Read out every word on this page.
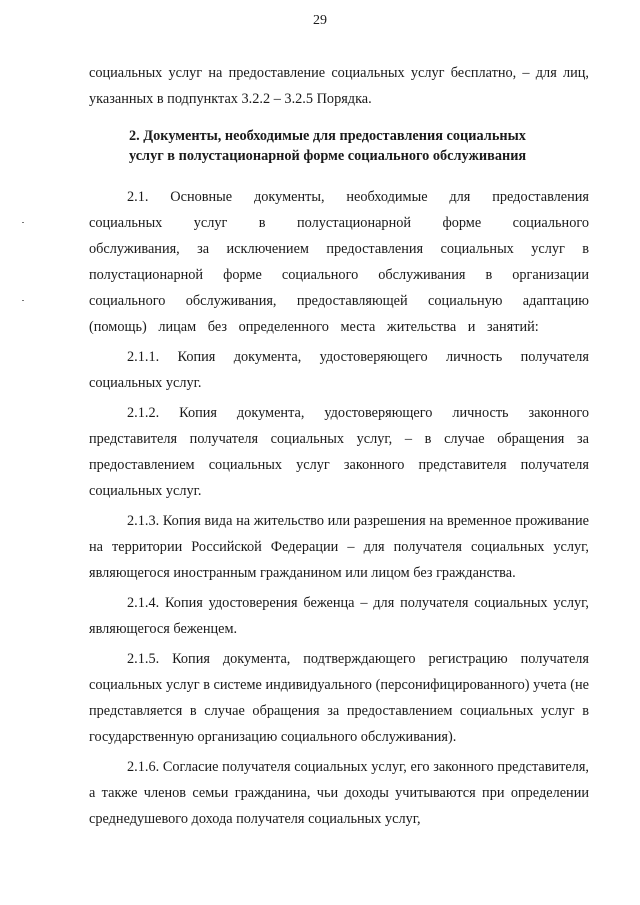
29

социальных услуг на предоставление социальных услуг бесплатно, – для лиц, указанных в подпунктах 3.2.2 – 3.2.5 Порядка.

2. Документы, необходимые для предоставления социальных
услуг в полустационарной форме социального обслуживания

2.1. Основные документы, необходимые для предоставления социальных услуг в полустационарной форме социального обслуживания, за исключением предоставления социальных услуг в полустационарной форме социального обслуживания в организации социального обслуживания, предоставляющей социальную адаптацию (помощь) лицам без определенного места жительства и занятий:

2.1.1. Копия документа, удостоверяющего личность получателя социальных услуг.

2.1.2. Копия документа, удостоверяющего личность законного представителя получателя социальных услуг, – в случае обращения за предоставлением социальных услуг законного представителя получателя социальных услуг.

2.1.3. Копия вида на жительство или разрешения на временное проживание на территории Российской Федерации – для получателя социальных услуг, являющегося иностранным гражданином или лицом без гражданства.

2.1.4. Копия удостоверения беженца – для получателя социальных услуг, являющегося беженцем.

2.1.5. Копия документа, подтверждающего регистрацию получателя социальных услуг в системе индивидуального (персонифицированного) учета (не представляется в случае обращения за предоставлением социальных услуг в государственную организацию социального обслуживания).

2.1.6. Согласие получателя социальных услуг, его законного представителя, а также членов семьи гражданина, чьи доходы учитываются при определении среднедушевого дохода получателя социальных услуг,
